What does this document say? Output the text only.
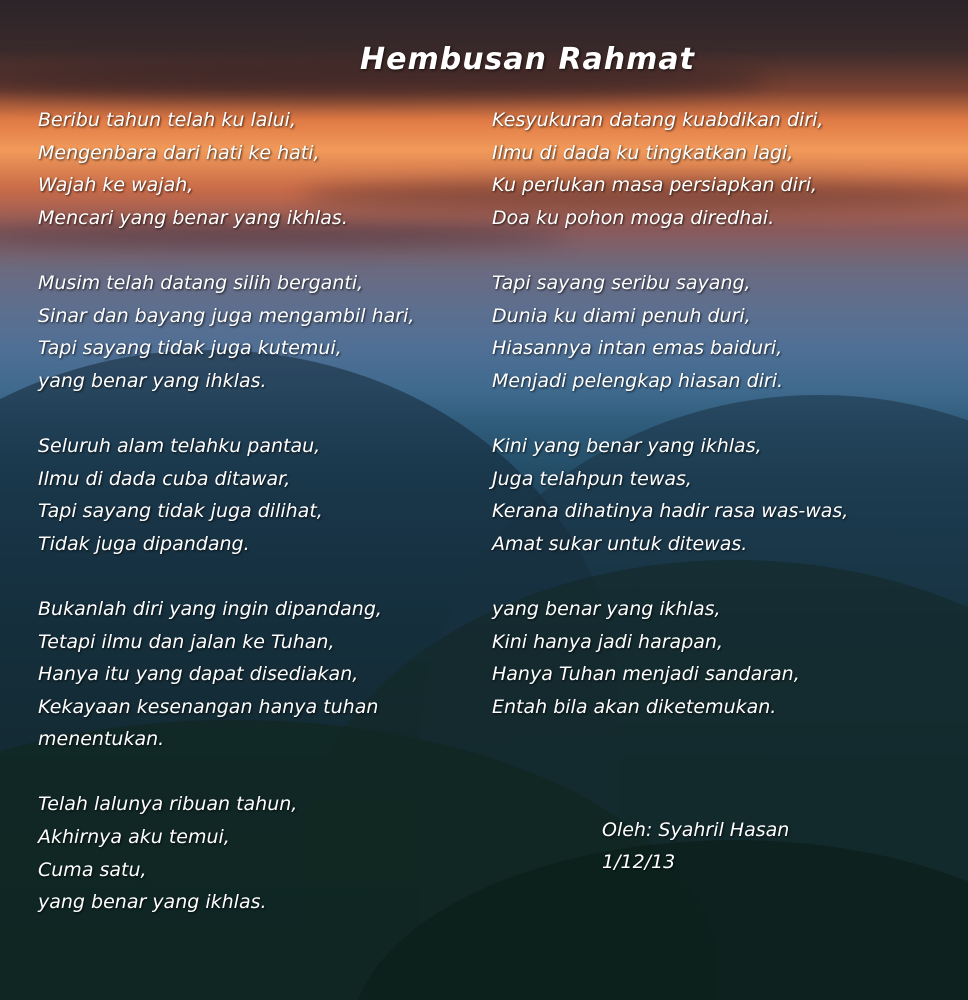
Hembusan Rahmat
Beribu tahun telah ku lalui,
Mengenbara dari hati ke hati,
Wajah ke wajah,
Mencari yang benar yang ikhlas.
Musim telah datang silih berganti,
Sinar dan bayang juga mengambil hari,
Tapi sayang tidak juga kutemui,
yang benar yang ihklas.
Seluruh alam telahku pantau,
Ilmu di dada cuba ditawar,
Tapi sayang tidak juga dilihat,
Tidak juga dipandang.
Bukanlah diri yang ingin dipandang,
Tetapi ilmu dan jalan ke Tuhan,
Hanya itu yang dapat disediakan,
Kekayaan kesenangan hanya tuhan menentukan.
Telah lalunya ribuan tahun,
Akhirnya aku temui,
Cuma satu,
yang benar yang ikhlas.
Kesyukuran datang kuabdikan diri,
Ilmu di dada ku tingkatkan lagi,
Ku perlukan masa persiapkan diri,
Doa ku pohon moga diredhai.
Tapi sayang seribu sayang,
Dunia ku diami penuh duri,
Hiasannya intan emas baiduri,
Menjadi pelengkap hiasan diri.
Kini yang benar yang ikhlas,
Juga telahpun tewas,
Kerana dihatinya hadir rasa was-was,
Amat sukar untuk ditewas.
yang benar yang ikhlas,
Kini hanya jadi harapan,
Hanya Tuhan menjadi sandaran,
Entah bila akan diketemukan.
Oleh: Syahril Hasan
1/12/13
